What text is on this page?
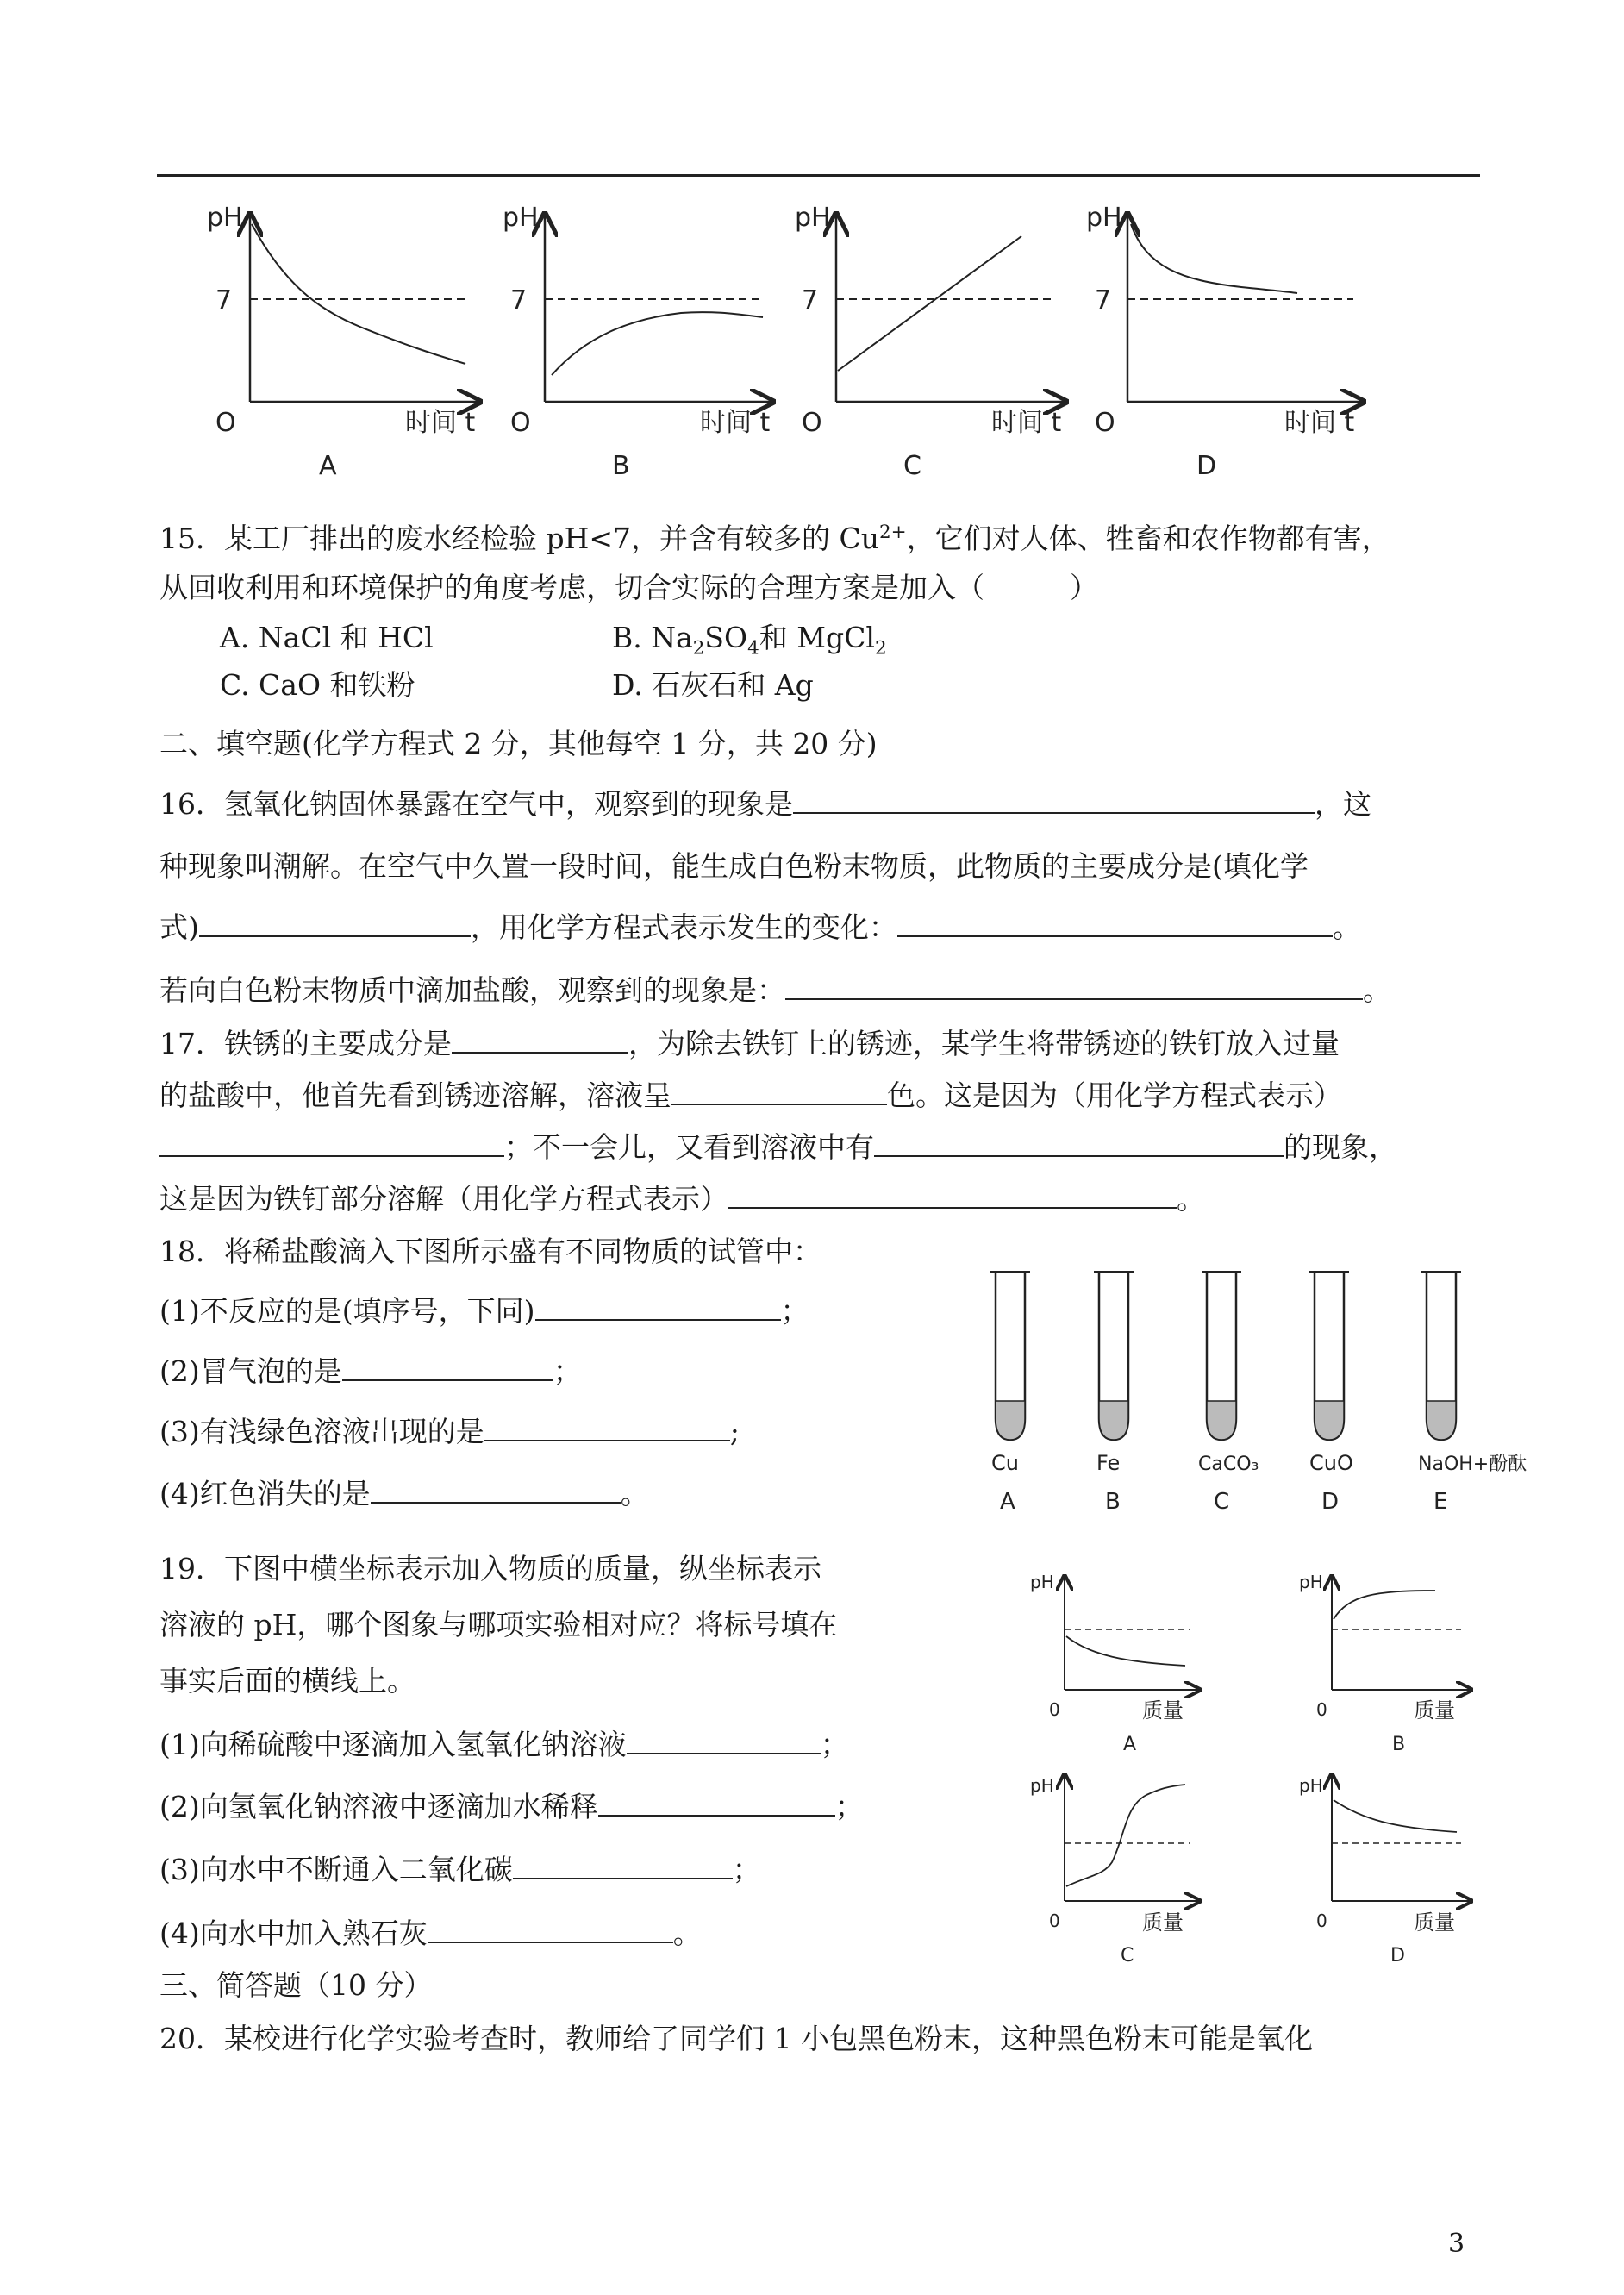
pH
7
O	时间 t
A
pH
7
O	时间 t
B
pH
7
O	时间 t
C
pH
7
O	时间 t
D
15．某工厂排出的废水经检验 pH<7，并含有较多的 $Cu^{2+}$，它们对人体、牲畜和农作物都有害，
从回收利用和环境保护的角度考虑，切合实际的合理方案是加入（　　　）
A. NaCl 和 HCl	B. $Na_2SO_4$和 MgCl$_2$
C. CaO 和铁粉	D. 石灰石和 Ag
二、填空题(化学方程式 2 分，其他每空 1 分，共 20 分)
16．氢氧化钠固体暴露在空气中，观察到的现象是	，这
种现象叫潮解。在空气中久置一段时间，能生成白色粉末物质，此物质的主要成分是(填化学
式)	，用化学方程式表示发生的变化：	。
若向白色粉末物质中滴加盐酸，观察到的现象是：	。
17．铁锈的主要成分是	，为除去铁钉上的锈迹，某学生将带锈迹的铁钉放入过量
的盐酸中，他首先看到锈迹溶解，溶液呈	色。这是因为（用化学方程式表示）
；不一会儿，又看到溶液中有	的现象，
这是因为铁钉部分溶解（用化学方程式表示）	。
18．将稀盐酸滴入下图所示盛有不同物质的试管中：
(1)不反应的是(填序号，下同)	；
(2)冒气泡的是	；
(3)有浅绿色溶液出现的是	;
(4)红色消失的是	。
Cu
A
Fe
B
CaCO₃
C
CuO
D
NaOH+酚酞
E
19．下图中横坐标表示加入物质的质量，纵坐标表示
溶液的 pH，哪个图象与哪项实验相对应？将标号填在
事实后面的横线上。
(1)向稀硫酸中逐滴加入氢氧化钠溶液	；
(2)向氢氧化钠溶液中逐滴加水稀释	；
(3)向水中不断通入二氧化碳	；
(4)向水中加入熟石灰	。
pH
0	质量
A
pH
0	质量
B
pH
0	质量
C
pH
0	质量
D
三、简答题（10 分）
20．某校进行化学实验考查时，教师给了同学们 1 小包黑色粉末，这种黑色粉末可能是氧化
3
